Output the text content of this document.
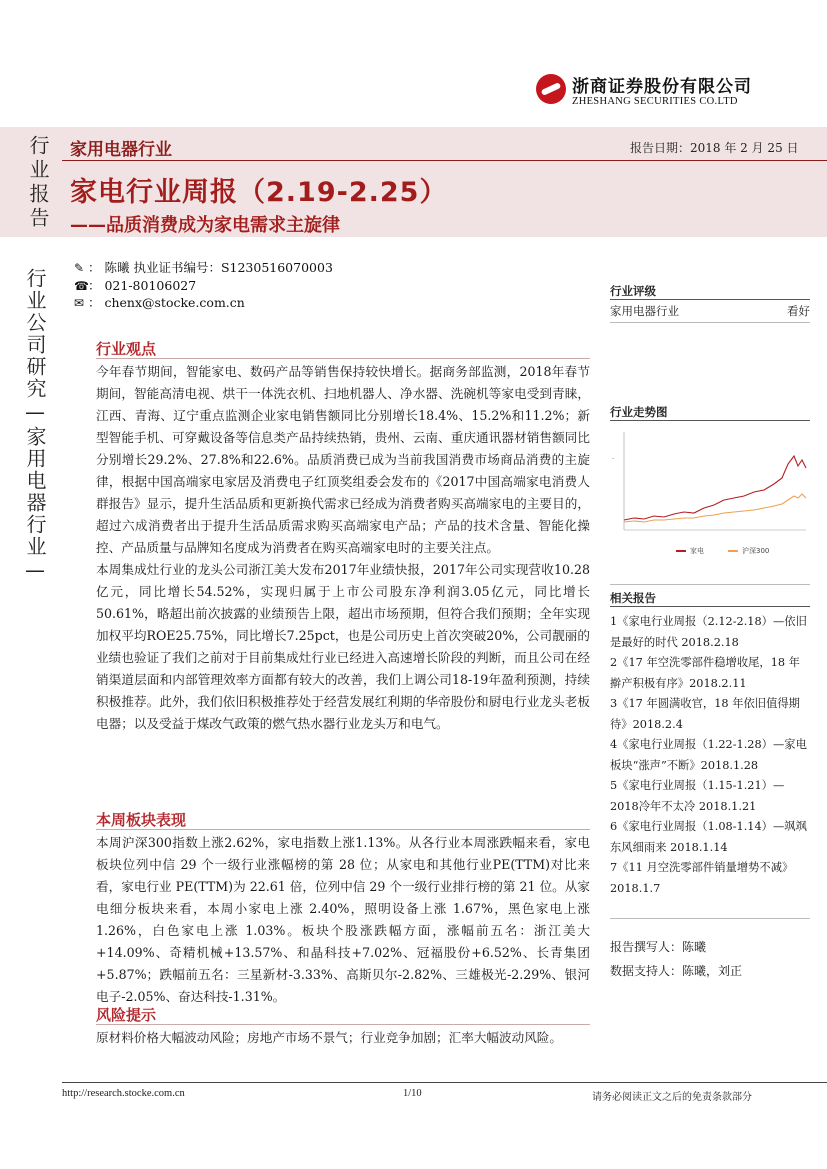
浙商证券股份有限公司
ZHESHANG SECURITIES CO.LTD
行业报告 家用电器行业	报告日期：2018 年 2 月 25 日
家电行业周报（2.19-2.25）
——品质消费成为家电需求主旋律
行业公司研究—家用电器行业— ✎ ： 陈曦 执业证书编号：S1230516070003
☎： 021-80106027
✉ ： chenx@stocke.com.cn
行业观点

今年春节期间，智能家电、数码产品等销售保持较快增长。据商务部监测，2018年春节期间，智能高清电视、烘干一体洗衣机、扫地机器人、净水器、洗碗机等家电受到青睐，江西、青海、辽宁重点监测企业家电销售额同比分别增长18.4%、15.2%和11.2%；新型智能手机、可穿戴设备等信息类产品持续热销，贵州、云南、重庆通讯器材销售额同比分别增长29.2%、27.8%和22.6%。品质消费已成为当前我国消费市场商品消费的主旋律，根据中国高端家电家居及消费电子红顶奖组委会发布的《2017中国高端家电消费人群报告》显示，提升生活品质和更新换代需求已经成为消费者购买高端家电的主要目的，超过六成消费者出于提升生活品质需求购买高端家电产品；产品的技术含量、智能化操控、产品质量与品牌知名度成为消费者在购买高端家电时的主要关注点。

本周集成灶行业的龙头公司浙江美大发布2017年业绩快报，2017年公司实现营收10.28亿元，同比增长54.52%，实现归属于上市公司股东净利润3.05亿元，同比增长50.61%，略超出前次披露的业绩预告上限，超出市场预期，但符合我们预期；全年实现加权平均ROE25.75%，同比增长7.25pct，也是公司历史上首次突破20%，公司靓丽的业绩也验证了我们之前对于目前集成灶行业已经进入高速增长阶段的判断，而且公司在经销渠道层面和内部管理效率方面都有较大的改善，我们上调公司18-19年盈利预测，持续积极推荐。此外，我们依旧积极推荐处于经营发展红利期的华帝股份和厨电行业龙头老板电器；以及受益于煤改气政策的燃气热水器行业龙头万和电气。

本周板块表现

本周沪深300指数上涨2.62%，家电指数上涨1.13%。从各行业本周涨跌幅来看，家电板块位列中信 29 个一级行业涨幅榜的第 28 位；从家电和其他行业PE(TTM)对比来看，家电行业 PE(TTM)为 22.61 倍，位列中信 29 个一级行业排行榜的第 21 位。从家电细分板块来看，本周小家电上涨 2.40%，照明设备上涨 1.67%，黑色家电上涨 1.26%，白色家电上涨 1.03%。板块个股涨跌幅方面，涨幅前五名：浙江美大+14.09%、奇精机械+13.57%、和晶科技+7.02%、冠福股份+6.52%、长青集团+5.87%；跌幅前五名：三星新材-3.33%、高斯贝尔-2.82%、三雄极光-2.29%、银河电子-2.05%、奋达科技-1.31%。

风险提示

原材料价格大幅波动风险；房地产市场不景气；行业竞争加剧；汇率大幅波动风险。

行业评级
家用电器行业	看好
行业走势图
–
家电	沪深300
相关报告

1《家电行业周报（2.12-2.18）—依旧是最好的时代 2018.2.18

2《17 年空洗零部件稳增收尾，18 年擀产积极有序》2018.2.11

3《17 年圆满收官，18 年依旧值得期待》2018.2.4

4《家电行业周报（1.22-1.28）—家电板块“涨声”不断》2018.1.28

5《家电行业周报（1.15-1.21）—2018冷年不太冷 2018.1.21

6《家电行业周报（1.08-1.14）—飒飒东风细雨来 2018.1.14

7《11 月空洗零部件销量增势不减》2018.1.7

报告撰写人：陈曦
数据支持人：陈曦，刘正
http://research.stocke.com.cn	1/10	请务必阅读正文之后的免责条款部分
